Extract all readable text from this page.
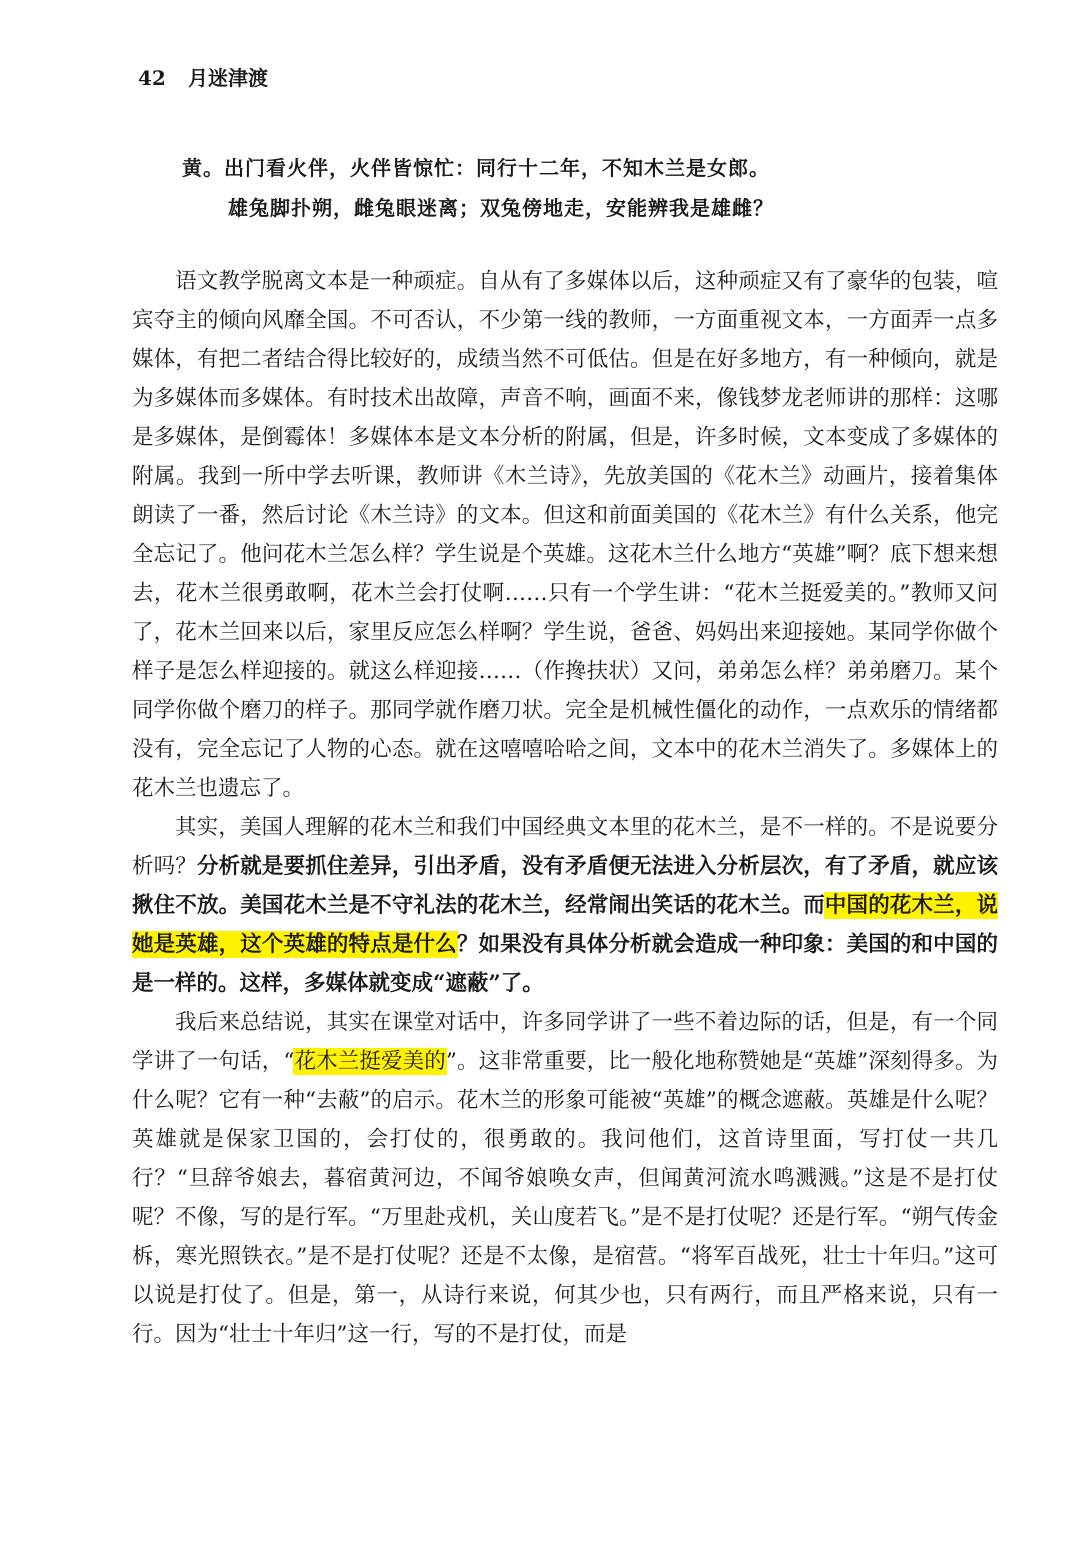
42 月迷津渡
黄。出门看火伴，火伴皆惊忙：同行十二年，不知木兰是女郎。
雄兔脚扑朔，雌兔眼迷离；双兔傍地走，安能辨我是雄雌？

语文教学脱离文本是一种顽症。自从有了多媒体以后，这种顽症又有了豪华的包装，喧宾夺主的倾向风靡全国。不可否认，不少第一线的教师，一方面重视文本，一方面弄一点多媒体，有把二者结合得比较好的，成绩当然不可低估。但是在好多地方，有一种倾向，就是为多媒体而多媒体。有时技术出故障，声音不响，画面不来，像钱梦龙老师讲的那样：这哪是多媒体，是倒霉体！多媒体本是文本分析的附属，但是，许多时候，文本变成了多媒体的附属。我到一所中学去听课，教师讲《木兰诗》，先放美国的《花木兰》动画片，接着集体朗读了一番，然后讨论《木兰诗》的文本。但这和前面美国的《花木兰》有什么关系，他完全忘记了。他问花木兰怎么样？学生说是个英雄。这花木兰什么地方“英雄”啊？底下想来想去，花木兰很勇敢啊，花木兰会打仗啊……只有一个学生讲：“花木兰挺爱美的。”教师又问了，花木兰回来以后，家里反应怎么样啊？学生说，爸爸、妈妈出来迎接她。某同学你做个样子是怎么样迎接的。就这么样迎接……（作搀扶状）又问，弟弟怎么样？弟弟磨刀。某个同学你做个磨刀的样子。那同学就作磨刀状。完全是机械性僵化的动作，一点欢乐的情绪都没有，完全忘记了人物的心态。就在这嘻嘻哈哈之间，文本中的花木兰消失了。多媒体上的花木兰也遗忘了。

其实，美国人理解的花木兰和我们中国经典文本里的花木兰，是不一样的。不是说要分析吗？分析就是要抓住差异，引出矛盾，没有矛盾便无法进入分析层次，有了矛盾，就应该揪住不放。美国花木兰是不守礼法的花木兰，经常闹出笑话的花木兰。而中国的花木兰，说她是英雄，这个英雄的特点是什么？如果没有具体分析就会造成一种印象：美国的和中国的是一样的。这样，多媒体就变成“遮蔽”了。

我后来总结说，其实在课堂对话中，许多同学讲了一些不着边际的话，但是，有一个同学讲了一句话，“花木兰挺爱美的”。这非常重要，比一般化地称赞她是“英雄”深刻得多。为什么呢？它有一种“去蔽”的启示。花木兰的形象可能被“英雄”的概念遮蔽。英雄是什么呢？英雄就是保家卫国的，会打仗的，很勇敢的。我问他们，这首诗里面，写打仗一共几行？“旦辞爷娘去，暮宿黄河边，不闻爷娘唤女声，但闻黄河流水鸣溅溅。”这是不是打仗呢？不像，写的是行军。“万里赴戎机，关山度若飞。”是不是打仗呢？还是行军。“朔气传金柝，寒光照铁衣。”是不是打仗呢？还是不太像，是宿营。“将军百战死，壮士十年归。”这可以说是打仗了。但是，第一，从诗行来说，何其少也，只有两行，而且严格来说，只有一行。因为“壮士十年归”这一行，写的不是打仗，而是
